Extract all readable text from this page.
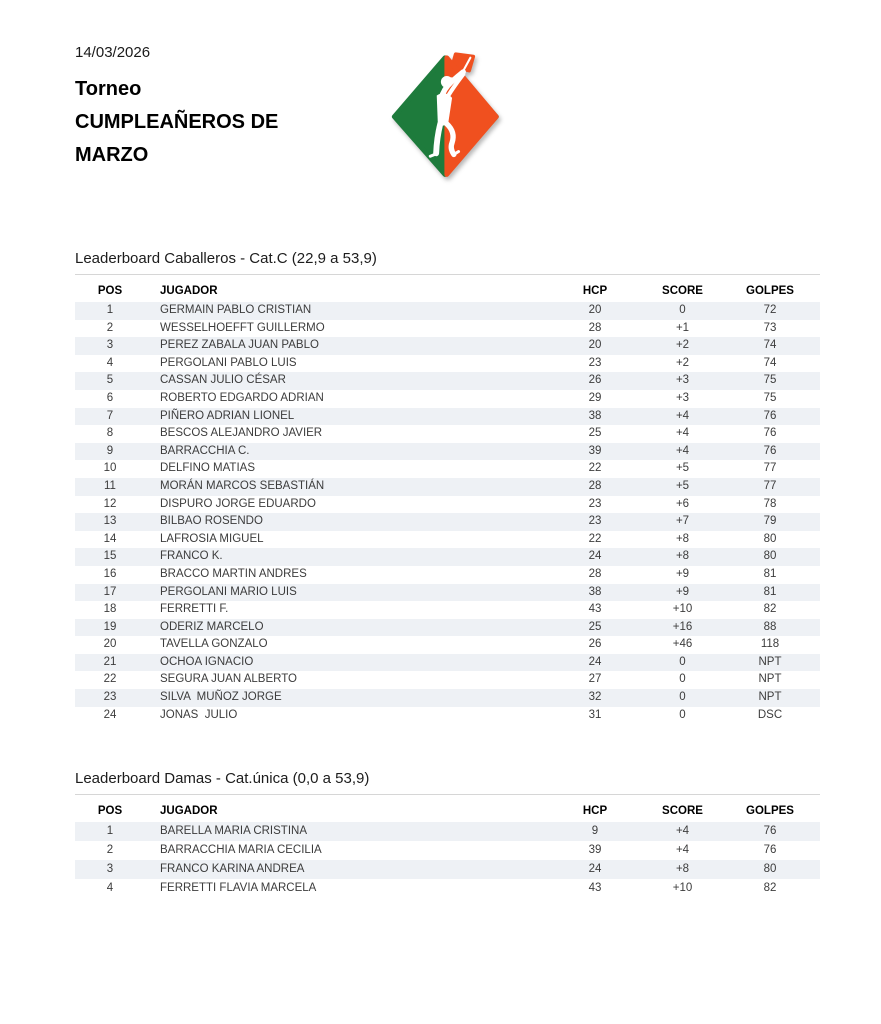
14/03/2026
Torneo
CUMPLEAÑEROS DE MARZO
Leaderboard Caballeros - Cat.C (22,9 a 53,9)
POS	JUGADOR	HCP	SCORE	GOLPES
1	GERMAIN PABLO CRISTIAN	20	0	72
2	WESSELHOEFFT GUILLERMO	28	+1	73
3	PEREZ ZABALA JUAN PABLO	20	+2	74
4	PERGOLANI PABLO LUIS	23	+2	74
5	CASSAN JULIO CÉSAR	26	+3	75
6	ROBERTO EDGARDO ADRIAN	29	+3	75
7	PIÑERO ADRIAN LIONEL	38	+4	76
8	BESCOS ALEJANDRO JAVIER	25	+4	76
9	BARRACCHIA C.	39	+4	76
10	DELFINO MATIAS	22	+5	77
11	MORÁN MARCOS SEBASTIÁN	28	+5	77
12	DISPURO JORGE EDUARDO	23	+6	78
13	BILBAO ROSENDO	23	+7	79
14	LAFROSIA MIGUEL	22	+8	80
15	FRANCO K.	24	+8	80
16	BRACCO MARTIN ANDRES	28	+9	81
17	PERGOLANI MARIO LUIS	38	+9	81
18	FERRETTI F.	43	+10	82
19	ODERIZ MARCELO	25	+16	88
20	TAVELLA GONZALO	26	+46	118
21	OCHOA IGNACIO	24	0	NPT
22	SEGURA JUAN ALBERTO	27	0	NPT
23	SILVA  MUÑOZ JORGE	32	0	NPT
24	JONAS  JULIO	31	0	DSC
Leaderboard Damas - Cat.única (0,0 a 53,9)
POS	JUGADOR	HCP	SCORE	GOLPES
1	BARELLA MARIA CRISTINA	9	+4	76
2	BARRACCHIA MARIA CECILIA	39	+4	76
3	FRANCO KARINA ANDREA	24	+8	80
4	FERRETTI FLAVIA MARCELA	43	+10	82
